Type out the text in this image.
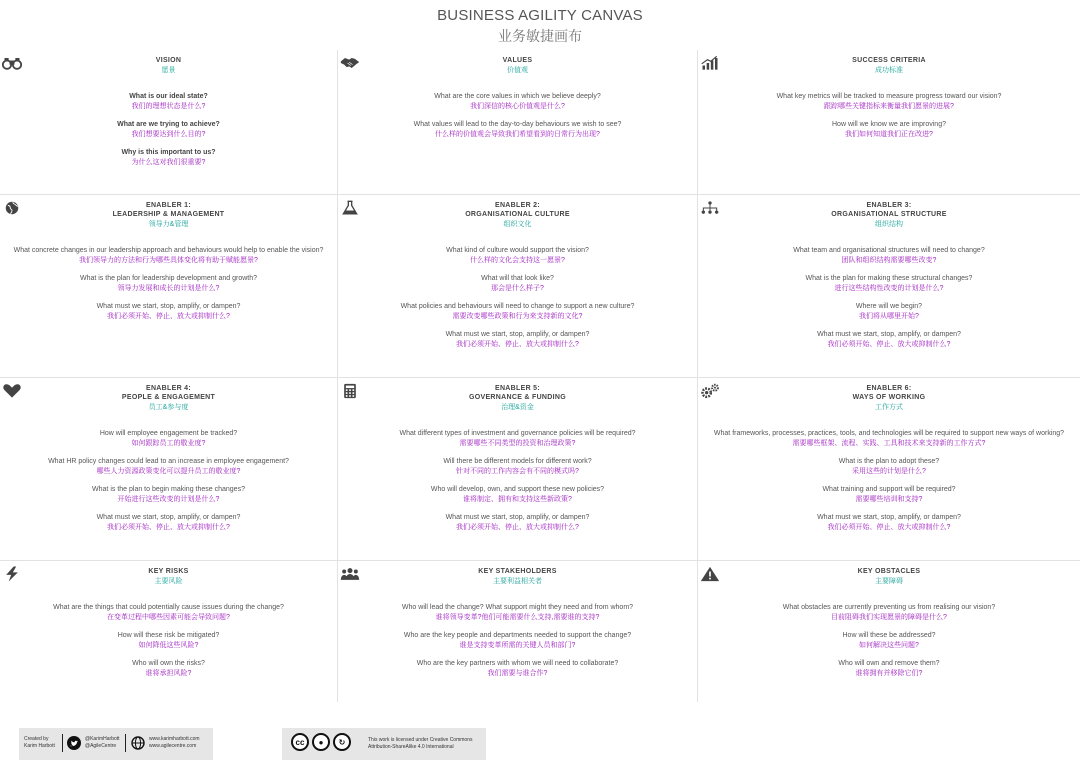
BUSINESS AGILITY CANVAS
业务敏捷画布
VISION
愿景
What is our ideal state?
我们的理想状态是什么?
What are we trying to achieve?
我们想要达到什么目的?
Why is this important to us?
为什么这对我们很重要?
VALUES
价值观
What are the core values in which we believe deeply?
我们深信的核心价值观是什么?
What values will lead to the day-to-day behaviours we wish to see?
什么样的价值观会导致我们希望看到的日常行为出现?
SUCCESS CRITERIA
成功标准
What key metrics will be tracked to measure progress toward our vision?
跟踪哪些关键指标来衡量我们愿景的进展?
How will we know we are improving?
我们如何知道我们正在改进?
ENABLER 1:
LEADERSHIP & MANAGEMENT
领导力&管理
What concrete changes in our leadership approach and behaviours would help to enable the vision?
我们领导力的方法和行为哪些具体变化将有助于赋能愿景?
What is the plan for leadership development and growth?
领导力发展和成长的计划是什么?
What must we start, stop, amplify, or dampen?
我们必须开始、停止、放大或抑制什么?
ENABLER 2:
ORGANISATIONAL CULTURE
组织文化
What kind of culture would support the vision?
什么样的文化会支持这一愿景?
What will that look like?
那会是什么样子?
What policies and behaviours will need to change to support a new culture?
需要改变哪些政策和行为来支持新的文化?
What must we start, stop, amplify, or dampen?
我们必须开始、停止、放大或抑制什么?
ENABLER 3:
ORGANISATIONAL STRUCTURE
组织结构
What team and organisational structures will need to change?
团队和组织结构需要哪些改变?
What is the plan for making these structural changes?
进行这些结构性改变的计划是什么?
Where will we begin?
我们将从哪里开始?
What must we start, stop, amplify, or dampen?
我们必须开始、停止、放大或抑制什么?
ENABLER 4:
PEOPLE & ENGAGEMENT
员工&参与度
How will employee engagement be tracked?
如何跟踪员工的敬业度?
What HR policy changes could lead to an increase in employee engagement?
哪些人力资源政策变化可以提升员工的敬业度?
What is the plan to begin making these changes?
开始进行这些改变的计划是什么?
What must we start, stop, amplify, or dampen?
我们必须开始、停止、放大或抑制什么?
ENABLER 5:
GOVERNANCE & FUNDING
治理&资金
What different types of investment and governance policies will be required?
需要哪些不同类型的投资和治理政策?
Will there be different models for different work?
针对不同的工作内容会有不同的模式吗?
Who will develop, own, and support these new policies?
谁将制定、拥有和支持这些新政策?
What must we start, stop, amplify, or dampen?
我们必须开始、停止、放大或抑制什么?
ENABLER 6:
WAYS OF WORKING
工作方式
What frameworks, processes, practices, tools, and technologies will be required to support new ways of working?
需要哪些框架、流程、实践、工具和技术来支持新的工作方式?
What is the plan to adopt these?
采用这些的计划是什么?
What training and support will be required?
需要哪些培训和支持?
What must we start, stop, amplify, or dampen?
我们必须开始、停止、放大或抑制什么?
KEY RISKS
主要风险
What are the things that could potentially cause issues during the change?
在变革过程中哪些因素可能会导致问题?
How will these risk be mitigated?
如何降低这些风险?
Who will own the risks?
谁将承担风险?
KEY STAKEHOLDERS
主要利益相关者
Who will lead the change? What support might they need and from whom?
谁将领导变革?他们可能需要什么支持,需要谁的支持?
Who are the key people and departments needed to support the change?
谁是支持变革所需的关键人员和部门?
Who are the key partners with whom we will need to collaborate?
我们需要与谁合作?
KEY OBSTACLES
主要障碍
What obstacles are currently preventing us from realising our vision?
目前阻碍我们实现愿景的障碍是什么?
How will these be addressed?
如何解决这些问题?
Who will own and remove them?
谁将拥有并移除它们?
Created by
Karim Harbott
@KarimHarbott
@AgileCentre
www.karimharbott.com
www.agilecentre.com	cc	●	↻	This work is licensed under Creative Commons
Attribution-ShareAlike 4.0 International
